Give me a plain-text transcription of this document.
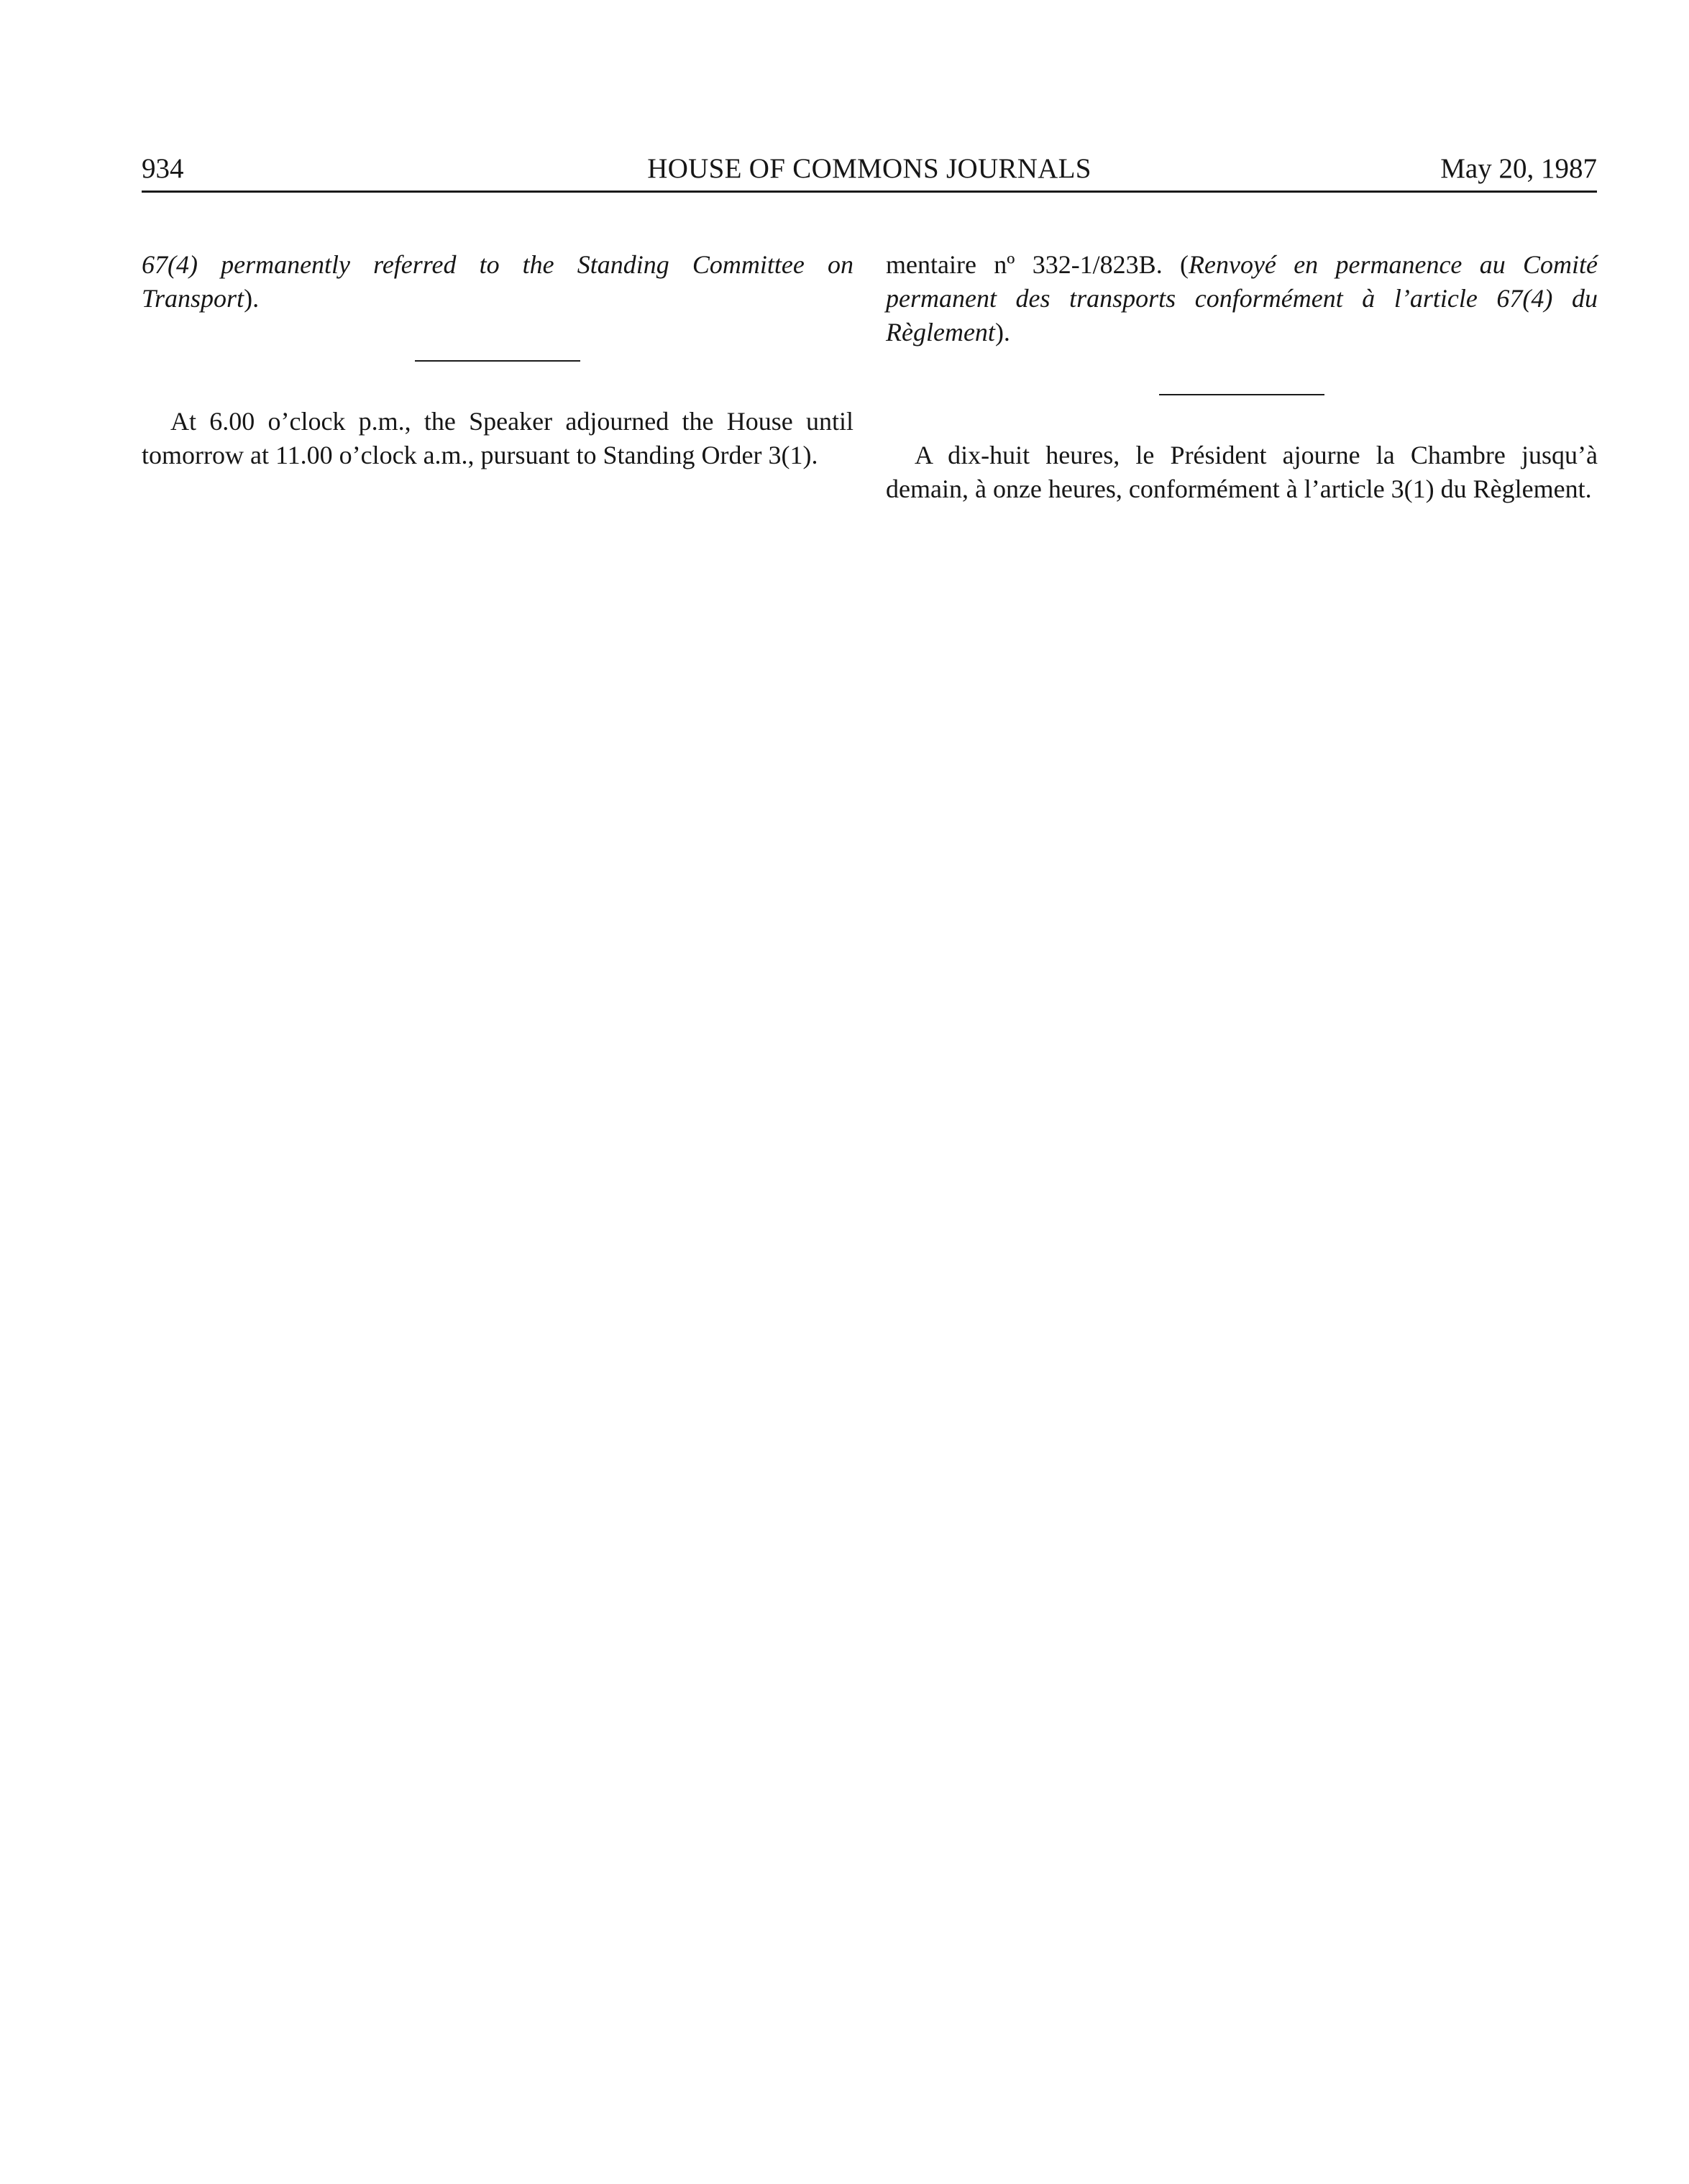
934	HOUSE OF COMMONS JOURNALS	May 20, 1987

67(4) permanently referred to the Standing Committee on Transport).

At 6.00 o’clock p.m., the Speaker adjourned the House until tomorrow at 11.00 o’clock a.m., pursuant to Standing Order 3(1).

mentaire nº 332-1/823B. (Renvoyé en permanence au Comité permanent des transports conformément à l’article 67(4) du Règlement).

A dix-huit heures, le Président ajourne la Chambre jusqu’à demain, à onze heures, conformément à l’article 3(1) du Règlement.
